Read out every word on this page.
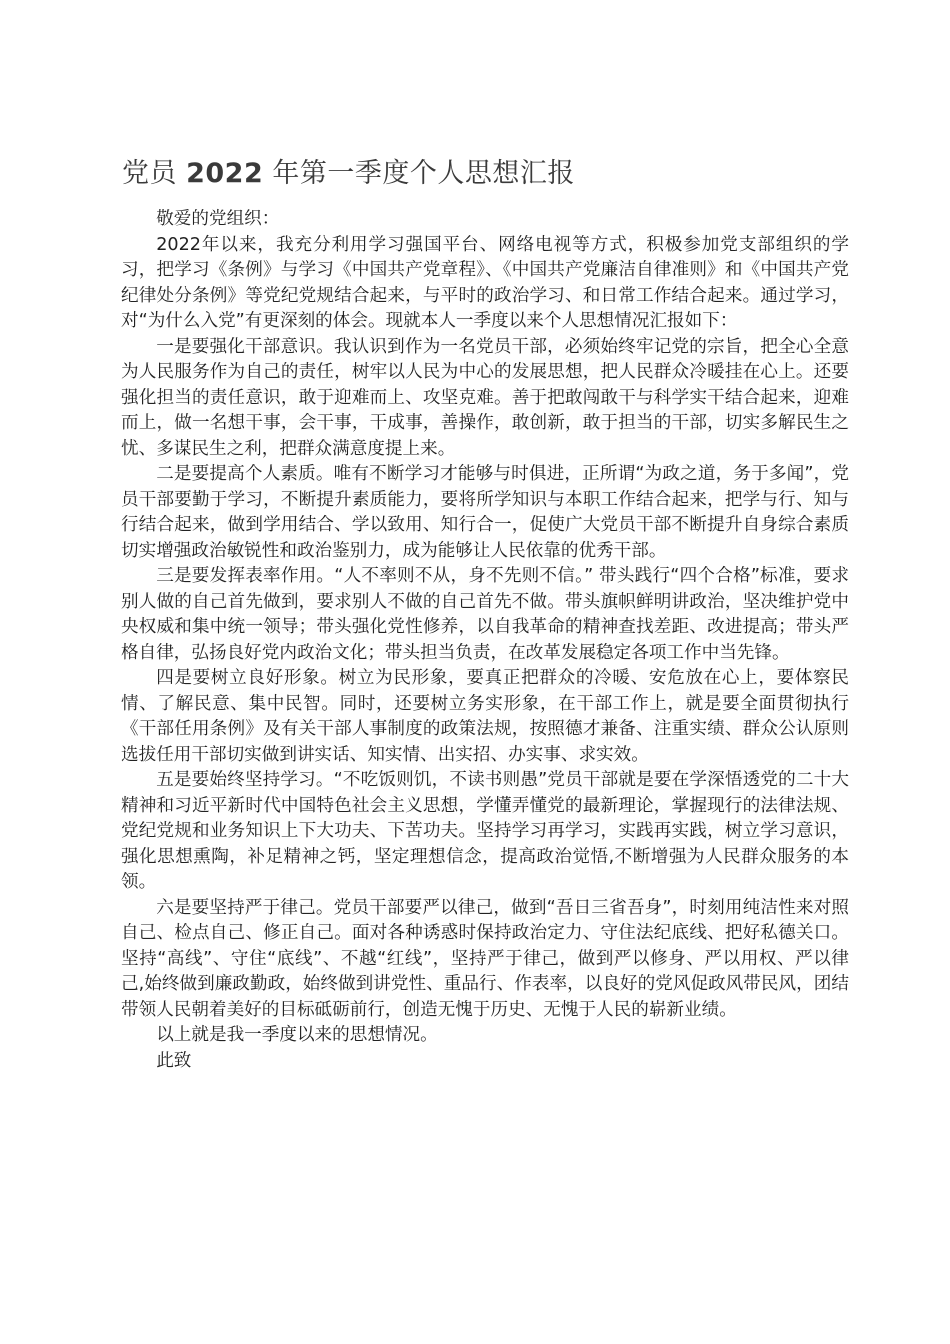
党员 2022 年第一季度个人思想汇报

敬爱的党组织：

2022年以来，我充分利用学习强国平台、网络电视等方式，积极参加党支部组织的学习，把学习《条例》与学习《中国共产党章程》、《中国共产党廉洁自律准则》和《中国共产党纪律处分条例》等党纪党规结合起来，与平时的政治学习、和日常工作结合起来。通过学习，对“为什么入党”有更深刻的体会。现就本人一季度以来个人思想情况汇报如下：

一是要强化干部意识。我认识到作为一名党员干部，必须始终牢记党的宗旨，把全心全意为人民服务作为自己的责任，树牢以人民为中心的发展思想，把人民群众冷暖挂在心上。还要强化担当的责任意识，敢于迎难而上、攻坚克难。善于把敢闯敢干与科学实干结合起来，迎难而上，做一名想干事，会干事，干成事，善操作，敢创新，敢于担当的干部，切实多解民生之忧、多谋民生之利，把群众满意度提上来。

二是要提高个人素质。唯有不断学习才能够与时俱进，正所谓“为政之道，务于多闻”，党员干部要勤于学习，不断提升素质能力，要将所学知识与本职工作结合起来，把学与行、知与行结合起来，做到学用结合、学以致用、知行合一，促使广大党员干部不断提升自身综合素质切实增强政治敏锐性和政治鉴别力，成为能够让人民依靠的优秀干部。

三是要发挥表率作用。“人不率则不从，身不先则不信。” 带头践行“四个合格”标准，要求别人做的自己首先做到，要求别人不做的自己首先不做。带头旗帜鲜明讲政治，坚决维护党中央权威和集中统一领导；带头强化党性修养，以自我革命的精神查找差距、改进提高；带头严格自律，弘扬良好党内政治文化；带头担当负责，在改革发展稳定各项工作中当先锋。

四是要树立良好形象。树立为民形象，要真正把群众的冷暖、安危放在心上，要体察民情、了解民意、集中民智。同时，还要树立务实形象，在干部工作上，就是要全面贯彻执行《干部任用条例》及有关干部人事制度的政策法规，按照德才兼备、注重实绩、群众公认原则选拔任用干部切实做到讲实话、知实情、出实招、办实事、求实效。

五是要始终坚持学习。“不吃饭则饥，不读书则愚”党员干部就是要在学深悟透党的二十大精神和习近平新时代中国特色社会主义思想，学懂弄懂党的最新理论，掌握现行的法律法规、党纪党规和业务知识上下大功夫、下苦功夫。坚持学习再学习，实践再实践，树立学习意识，强化思想熏陶，补足精神之钙，坚定理想信念，提高政治觉悟,不断增强为人民群众服务的本领。

六是要坚持严于律己。党员干部要严以律己，做到“吾日三省吾身”，时刻用纯洁性来对照自己、检点自己、修正自己。面对各种诱惑时保持政治定力、守住法纪底线、把好私德关口。坚持“高线”、守住“底线”、不越“红线”，坚持严于律己，做到严以修身、严以用权、严以律己,始终做到廉政勤政，始终做到讲党性、重品行、作表率，以良好的党风促政风带民风，团结带领人民朝着美好的目标砥砺前行，创造无愧于历史、无愧于人民的崭新业绩。

以上就是我一季度以来的思想情况。

此致
